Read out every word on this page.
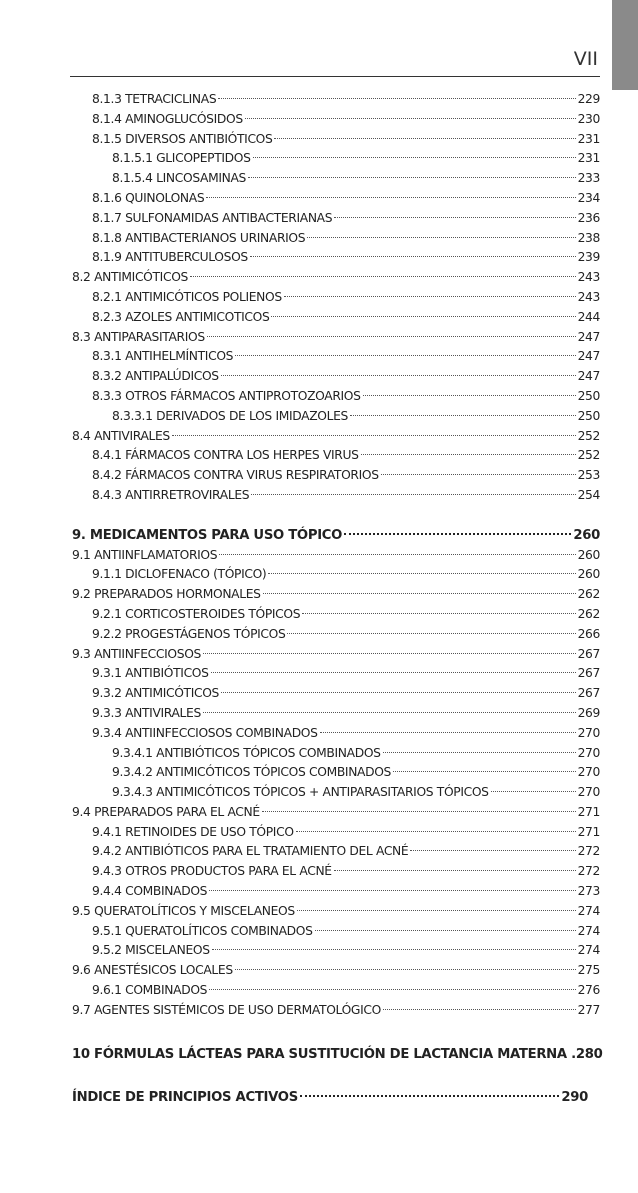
VII
8.1.3 TETRACICLINAS	229
8.1.4 AMINOGLUCÓSIDOS	230
8.1.5 DIVERSOS ANTIBIÓTICOS	231
8.1.5.1 GLICOPEPTIDOS	231
8.1.5.4 LINCOSAMINAS	233
8.1.6 QUINOLONAS	234
8.1.7 SULFONAMIDAS ANTIBACTERIANAS	236
8.1.8 ANTIBACTERIANOS URINARIOS	238
8.1.9 ANTITUBERCULOSOS	239
8.2 ANTIMICÓTICOS	243
8.2.1 ANTIMICÓTICOS POLIENOS	243
8.2.3 AZOLES ANTIMICOTICOS	244
8.3 ANTIPARASITARIOS	247
8.3.1 ANTIHELMÍNTICOS	247
8.3.2 ANTIPALÚDICOS	247
8.3.3 OTROS FÁRMACOS ANTIPROTOZOARIOS	250
8.3.3.1 DERIVADOS DE LOS IMIDAZOLES	250
8.4 ANTIVIRALES	252
8.4.1 FÁRMACOS CONTRA LOS HERPES VIRUS	252
8.4.2 FÁRMACOS CONTRA VIRUS RESPIRATORIOS	253
8.4.3 ANTIRRETROVIRALES	254
9. MEDICAMENTOS PARA USO TÓPICO	260
9.1 ANTIINFLAMATORIOS	260
9.1.1 DICLOFENACO (TÓPICO)	260
9.2 PREPARADOS HORMONALES	262
9.2.1 CORTICOSTEROIDES TÓPICOS	262
9.2.2 PROGESTÁGENOS TÓPICOS	266
9.3 ANTIINFECCIOSOS	267
9.3.1 ANTIBIÓTICOS	267
9.3.2 ANTIMICÓTICOS	267
9.3.3 ANTIVIRALES	269
9.3.4 ANTIINFECCIOSOS COMBINADOS	270
9.3.4.1 ANTIBIÓTICOS TÓPICOS COMBINADOS	270
9.3.4.2 ANTIMICÓTICOS TÓPICOS COMBINADOS	270
9.3.4.3 ANTIMICÓTICOS TÓPICOS + ANTIPARASITARIOS TÓPICOS	270
9.4 PREPARADOS PARA EL ACNÉ	271
9.4.1 RETINOIDES DE USO TÓPICO	271
9.4.2 ANTIBIÓTICOS PARA EL TRATAMIENTO DEL ACNÉ	272
9.4.3 OTROS PRODUCTOS PARA EL ACNÉ	272
9.4.4 COMBINADOS	273
9.5 QUERATOLÍTICOS Y MISCELANEOS	274
9.5.1 QUERATOLÍTICOS COMBINADOS	274
9.5.2 MISCELANEOS	274
9.6 ANESTÉSICOS LOCALES	275
9.6.1 COMBINADOS	276
9.7 AGENTES SISTÉMICOS DE USO DERMATOLÓGICO	277
10 FÓRMULAS LÁCTEAS PARA SUSTITUCIÓN DE LACTANCIA MATERNA .280
ÍNDICE DE PRINCIPIOS ACTIVOS	290
